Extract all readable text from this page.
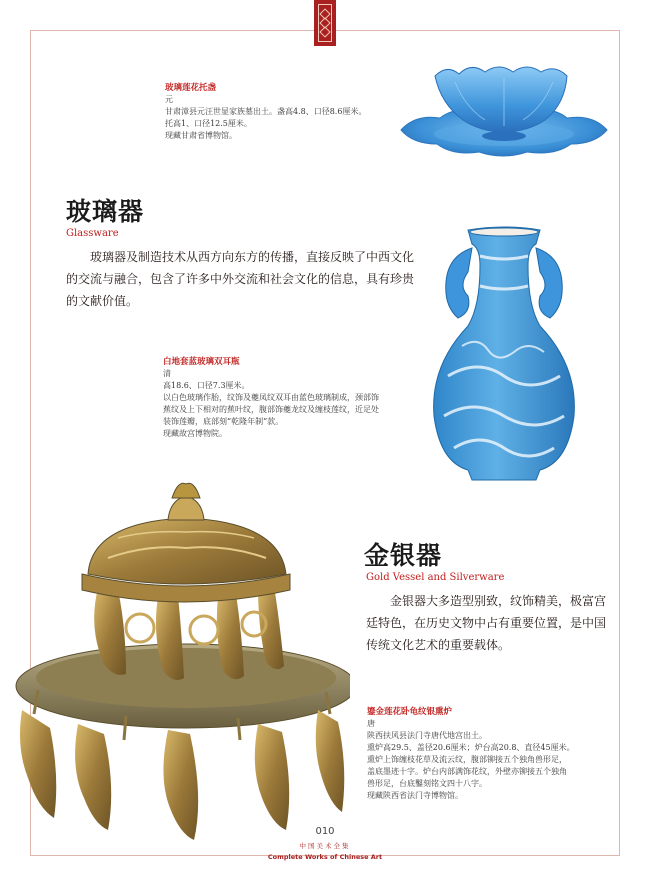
玻璃莲花托盏
元
甘肃漳县元汪世显家族墓出土。盏高4.8、口径8.6厘米。
托高1、口径12.5厘米。
现藏甘肃省博物馆。
玻璃器
Glassware
玻璃器及制造技术从西方向东方的传播，直接反映了中西文化的交流与融合，包含了许多中外交流和社会文化的信息，具有珍贵的文献价值。
白地套蓝玻璃双耳瓶
清
高18.6、口径7.3厘米。
以白色玻璃作胎，纹饰及夔凤纹双耳由蓝色玻璃制成，颈部饰
蕉纹及上下相对的蕉叶纹，腹部饰夔龙纹及缠枝莲纹，近足处
装饰莲瓣，底部刻“乾隆年制”款。
现藏故宫博物院。
金银器
Gold Vessel and Silverware
金银器大多造型别致，纹饰精美，极富宫廷特色，在历史文物中占有重要位置，是中国传统文化艺术的重要载体。
鎏金莲花卧龟纹银熏炉
唐
陕西扶风县法门寺唐代地宫出土。
熏炉高29.5、盖径20.6厘米；炉台高20.8、直径45厘米。
熏炉上饰缠枝花草及流云纹，腹部铆接五个独角兽形足，
盖底墨迹十字。炉台内部满饰花纹，外壁亦铆接五个独角
兽形足，台底鑿刻铭文四十八字。
现藏陕西省法门寺博物馆。
010
中国美术全集
Complete Works of Chinese Art
